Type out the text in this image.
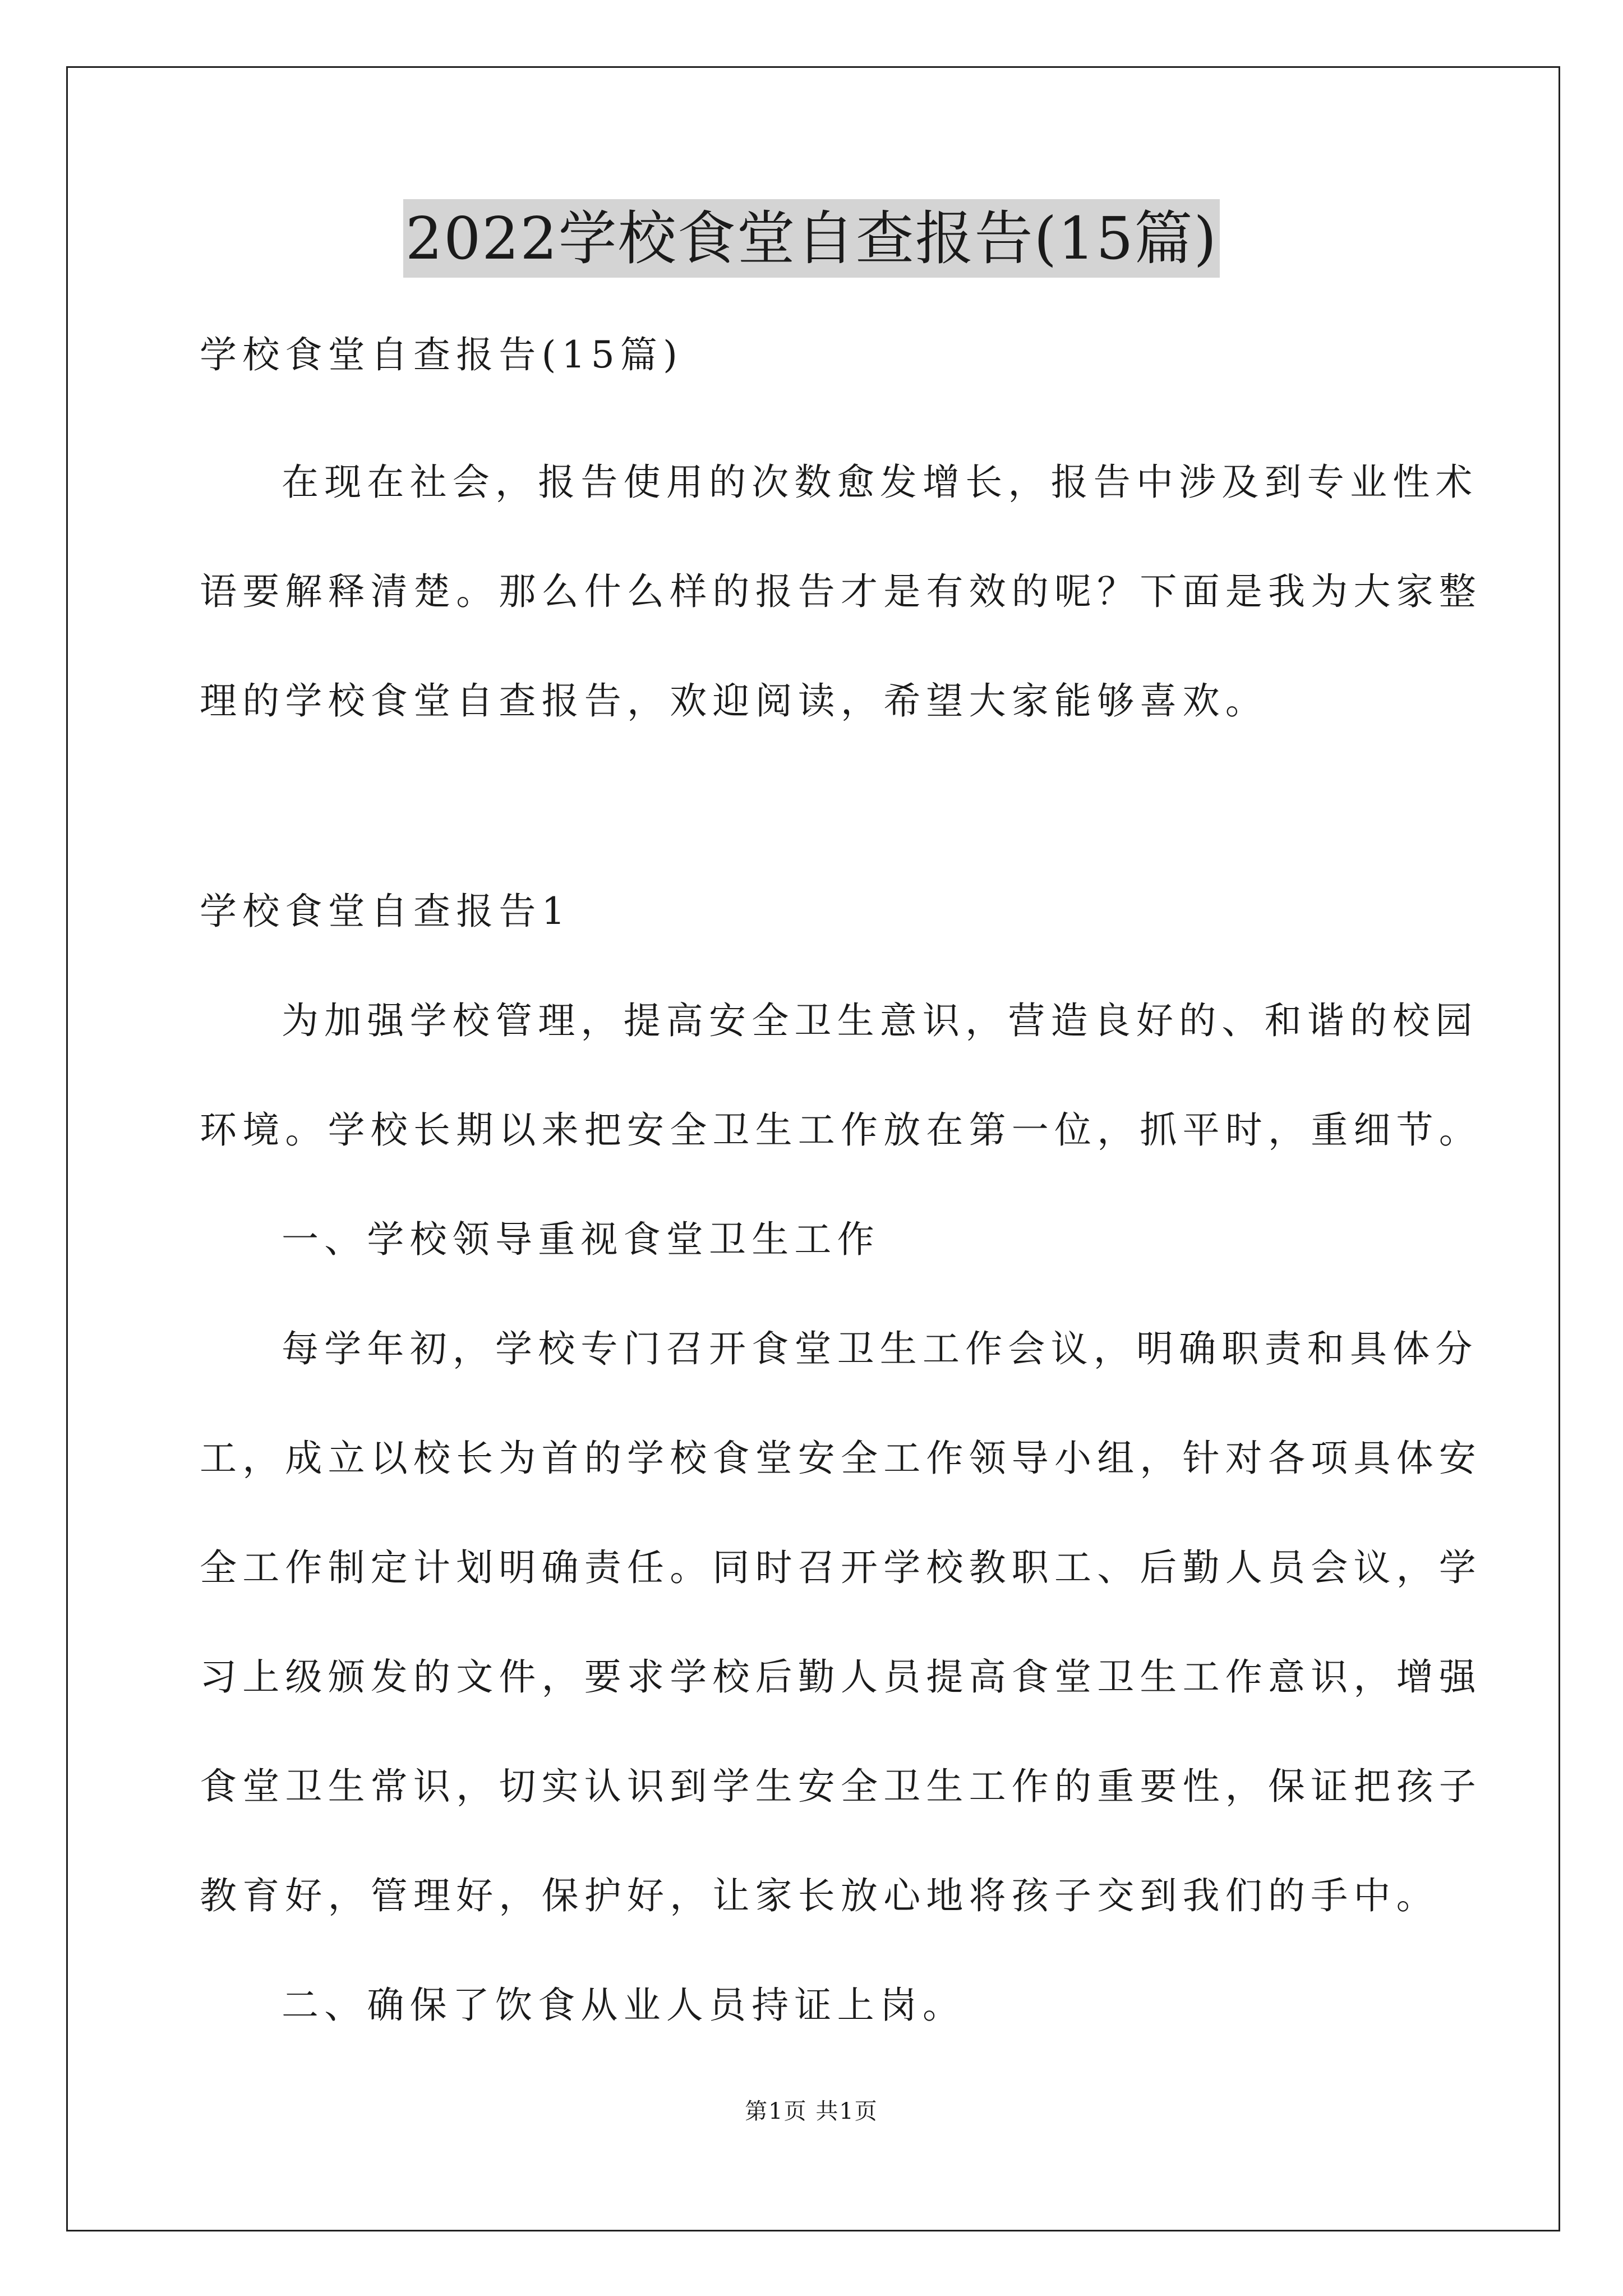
2022学校食堂自查报告(15篇)
学校食堂自查报告(15篇)
在现在社会，报告使用的次数愈发增长，报告中涉及到专业性术
语要解释清楚。那么什么样的报告才是有效的呢？下面是我为大家整
理的学校食堂自查报告，欢迎阅读，希望大家能够喜欢。
学校食堂自查报告1
为加强学校管理，提高安全卫生意识，营造良好的、和谐的校园
环境。学校长期以来把安全卫生工作放在第一位，抓平时，重细节。
一、学校领导重视食堂卫生工作
每学年初，学校专门召开食堂卫生工作会议，明确职责和具体分
工，成立以校长为首的学校食堂安全工作领导小组，针对各项具体安
全工作制定计划明确责任。同时召开学校教职工、后勤人员会议，学
习上级颁发的文件，要求学校后勤人员提高食堂卫生工作意识，增强
食堂卫生常识，切实认识到学生安全卫生工作的重要性，保证把孩子
教育好，管理好，保护好，让家长放心地将孩子交到我们的手中。
二、确保了饮食从业人员持证上岗。
第1页 共1页
